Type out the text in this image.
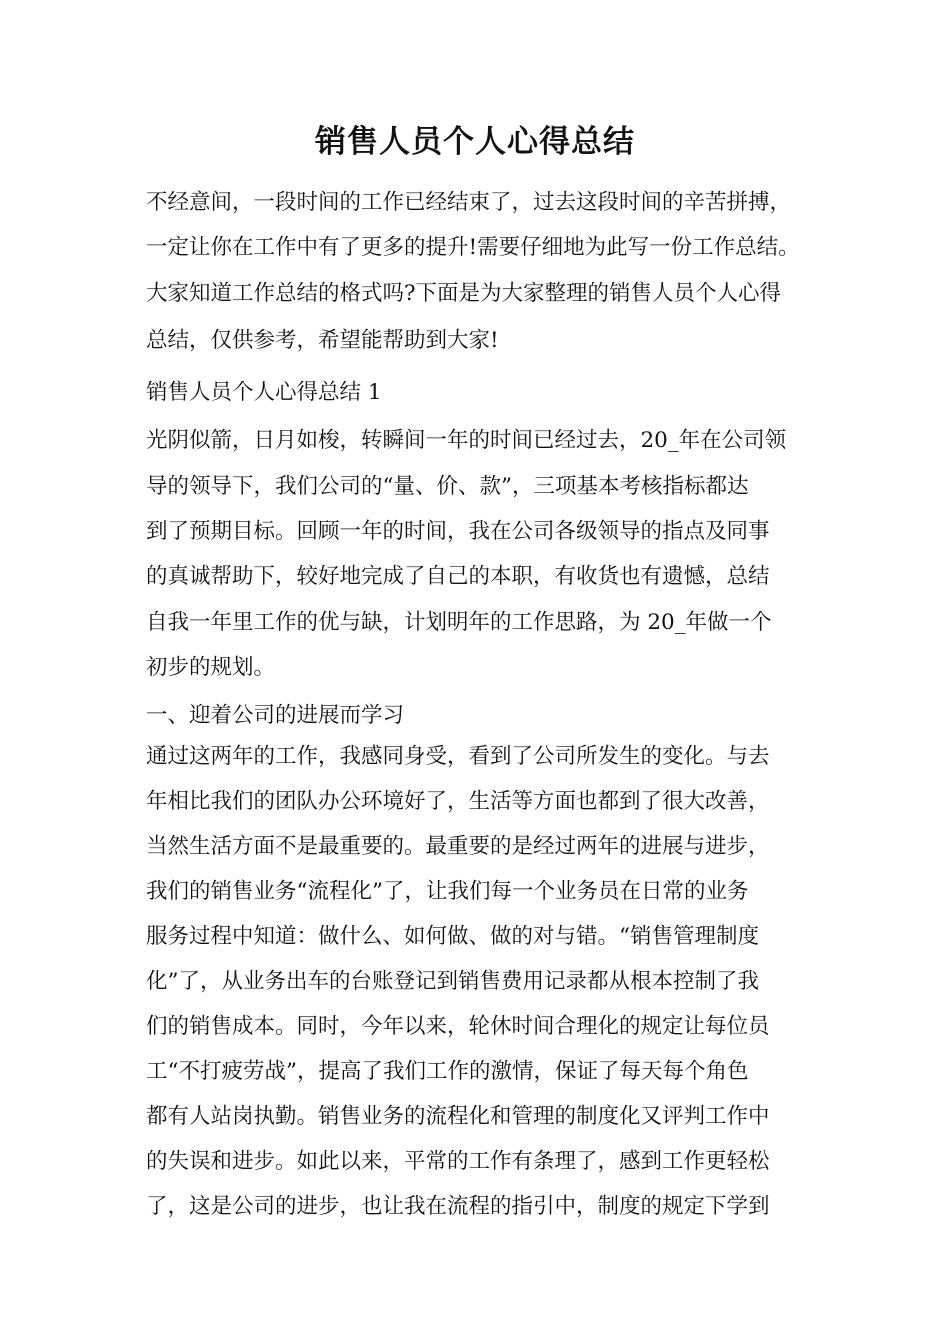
销售人员个人心得总结

不经意间，一段时间的工作已经结束了，过去这段时间的辛苦拼搏，

一定让你在工作中有了更多的提升!需要仔细地为此写一份工作总结。

大家知道工作总结的格式吗?下面是为大家整理的销售人员个人心得

总结，仅供参考，希望能帮助到大家!

销售人员个人心得总结 1

光阴似箭，日月如梭，转瞬间一年的时间已经过去，20_年在公司领

导的领导下，我们公司的“量、价、款”，三项基本考核指标都达

到了预期目标。回顾一年的时间，我在公司各级领导的指点及同事

的真诚帮助下，较好地完成了自己的本职，有收货也有遗憾，总结

自我一年里工作的优与缺，计划明年的工作思路，为 20_年做一个

初步的规划。

一、迎着公司的进展而学习

通过这两年的工作，我感同身受，看到了公司所发生的变化。与去

年相比我们的团队办公环境好了，生活等方面也都到了很大改善，

当然生活方面不是最重要的。最重要的是经过两年的进展与进步，

我们的销售业务“流程化”了，让我们每一个业务员在日常的业务

服务过程中知道：做什么、如何做、做的对与错。“销售管理制度

化”了，从业务出车的台账登记到销售费用记录都从根本控制了我

们的销售成本。同时，今年以来，轮休时间合理化的规定让每位员

工“不打疲劳战”，提高了我们工作的激情，保证了每天每个角色

都有人站岗执勤。销售业务的流程化和管理的制度化又评判工作中

的失误和进步。如此以来，平常的工作有条理了，感到工作更轻松

了，这是公司的进步，也让我在流程的指引中，制度的规定下学到
